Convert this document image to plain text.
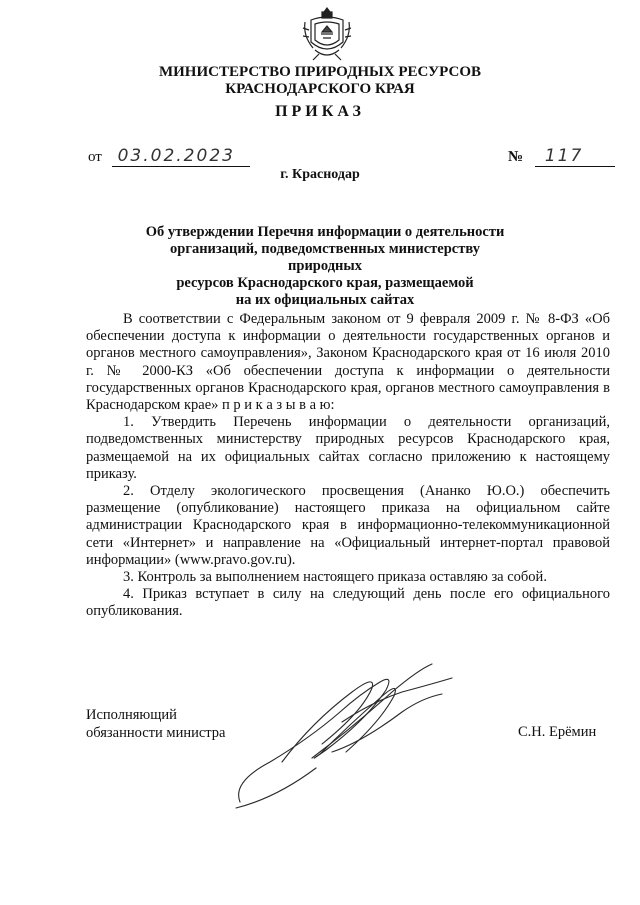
МИНИСТЕРСТВО ПРИРОДНЫХ РЕСУРСОВ
КРАСНОДАРСКОГО КРАЯ
ПРИКАЗ
от 03.02.2023	№ 117
г. Краснодар
Об утверждении Перечня информации о деятельности
организаций, подведомственных министерству природных
ресурсов Краснодарского края, размещаемой
на их официальных сайтах

В соответствии с Федеральным законом от 9 февраля 2009 г. № 8-ФЗ «Об обеспечении доступа к информации о деятельности государственных органов и органов местного самоуправления», Законом Краснодарского края от 16 июля 2010 г. № 2000-КЗ «Об обеспечении доступа к информации о деятельности государственных органов Краснодарского края, органов местного самоуправления в Краснодарском крае» п р и к а з ы в а ю:

1. Утвердить Перечень информации о деятельности организаций, подведомственных министерству природных ресурсов Краснодарского края, размещаемой на их официальных сайтах согласно приложению к настоящему приказу.

2. Отделу экологического просвещения (Ананко Ю.О.) обеспечить размещение (опубликование) настоящего приказа на официальном сайте администрации Краснодарского края в информационно-телекоммуникационной сети «Интернет» и направление на «Официальный интернет-портал правовой информации» (www.pravo.gov.ru).

3. Контроль за выполнением настоящего приказа оставляю за собой.

4. Приказ вступает в силу на следующий день после его официального опубликования.

Исполняющий
обязанности министра	С.Н. Ерёмин
